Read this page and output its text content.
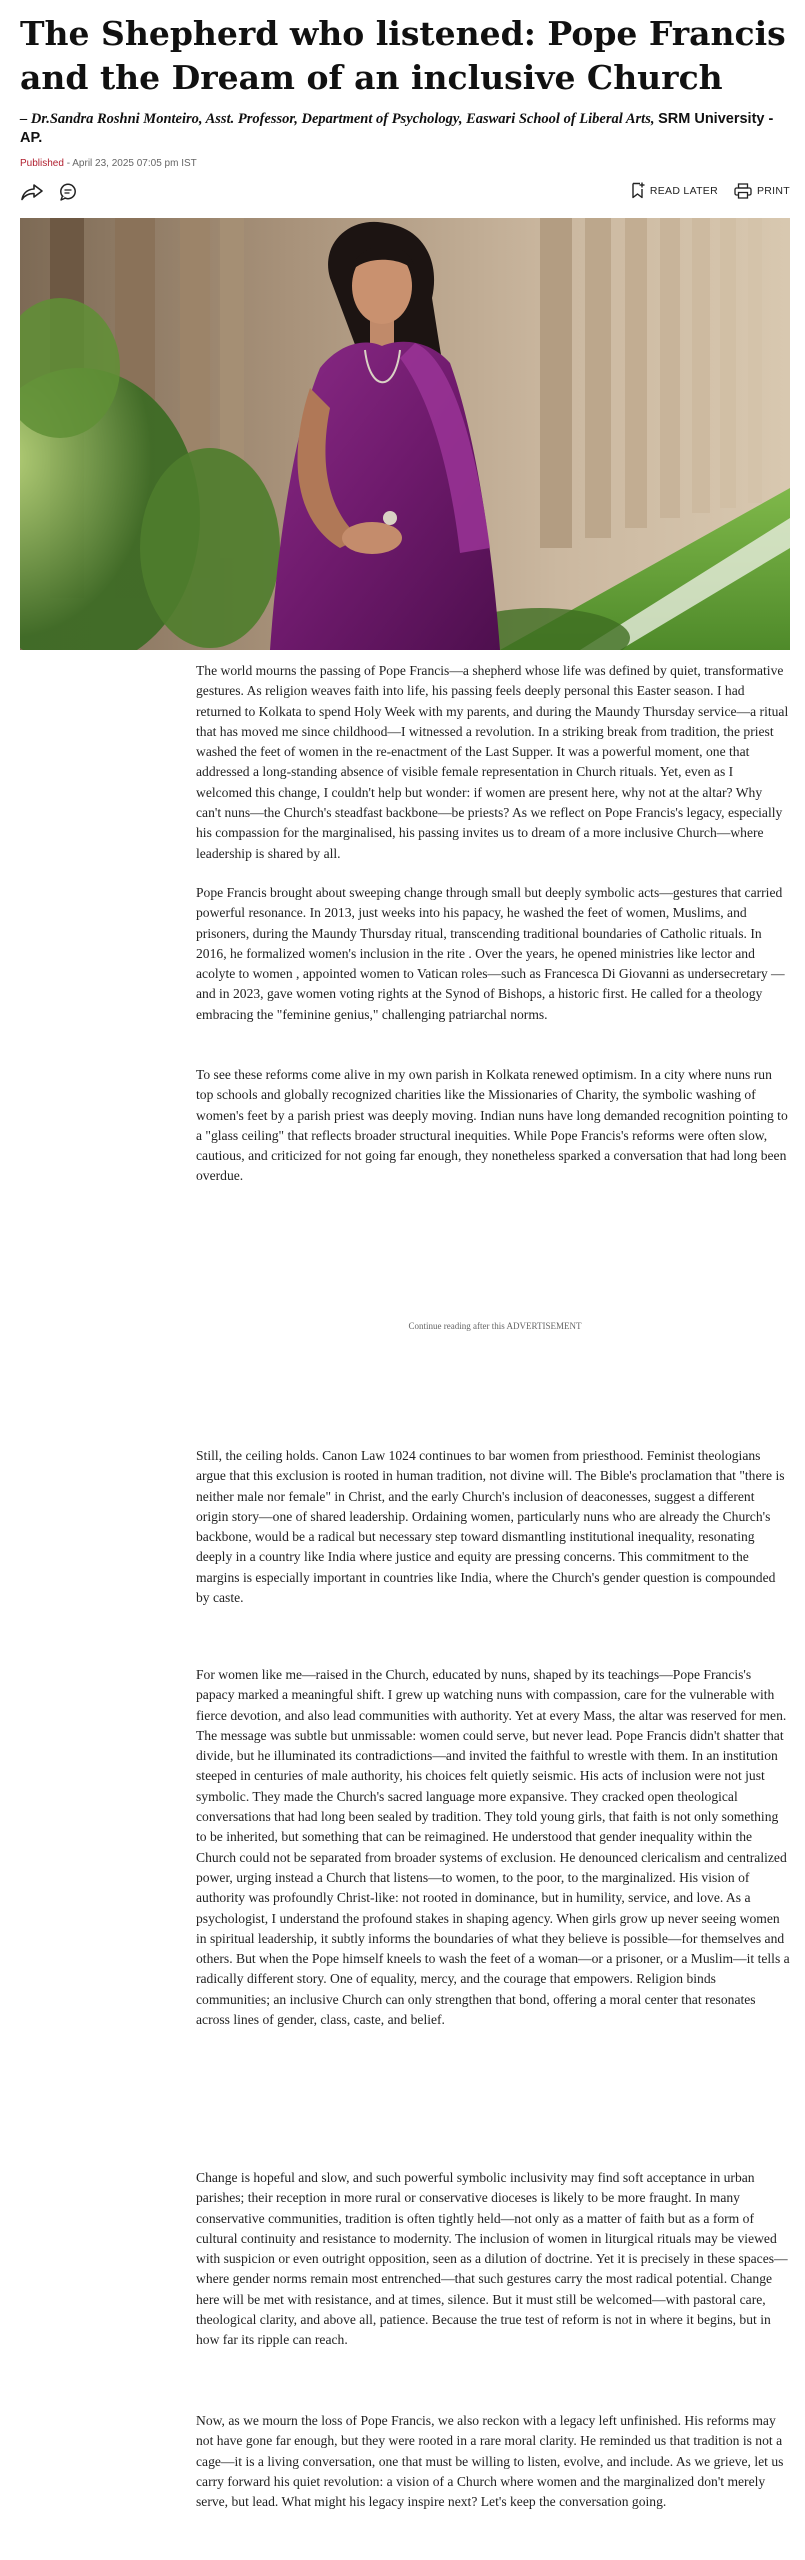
The Shepherd who listened: Pope Francis and the Dream of an inclusive Church
– Dr.Sandra Roshni Monteiro, Asst. Professor, Department of Psychology, Easwari School of Liberal Arts, SRM University -AP.
Published - April 23, 2025 07:05 pm IST
READ LATER	PRINT

The world mourns the passing of Pope Francis—a shepherd whose life was defined by quiet, transformative gestures. As religion weaves faith into life, his passing feels deeply personal this Easter season. I had returned to Kolkata to spend Holy Week with my parents, and during the Maundy Thursday service—a ritual that has moved me since childhood—I witnessed a revolution. In a striking break from tradition, the priest washed the feet of women in the re-enactment of the Last Supper. It was a powerful moment, one that addressed a long-standing absence of visible female representation in Church rituals. Yet, even as I welcomed this change, I couldn't help but wonder: if women are present here, why not at the altar? Why can't nuns—the Church's steadfast backbone—be priests? As we reflect on Pope Francis's legacy, especially his compassion for the marginalised, his passing invites us to dream of a more inclusive Church—where leadership is shared by all.

Pope Francis brought about sweeping change through small but deeply symbolic acts—gestures that carried powerful resonance. In 2013, just weeks into his papacy, he washed the feet of women, Muslims, and prisoners, during the Maundy Thursday ritual, transcending traditional boundaries of Catholic rituals. In 2016, he formalized women's inclusion in the rite . Over the years, he opened ministries like lector and acolyte to women , appointed women to Vatican roles—such as Francesca Di Giovanni as undersecretary — and in 2023, gave women voting rights at the Synod of Bishops, a historic first. He called for a theology embracing the "feminine genius," challenging patriarchal norms.

To see these reforms come alive in my own parish in Kolkata renewed optimism. In a city where nuns run top schools and globally recognized charities like the Missionaries of Charity, the symbolic washing of women's feet by a parish priest was deeply moving. Indian nuns have long demanded recognition pointing to a "glass ceiling" that reflects broader structural inequities. While Pope Francis's reforms were often slow, cautious, and criticized for not going far enough, they nonetheless sparked a conversation that had long been overdue.

Continue reading after this ADVERTISEMENT

Still, the ceiling holds. Canon Law 1024 continues to bar women from priesthood. Feminist theologians argue that this exclusion is rooted in human tradition, not divine will. The Bible's proclamation that "there is neither male nor female" in Christ, and the early Church's inclusion of deaconesses, suggest a different origin story—one of shared leadership. Ordaining women, particularly nuns who are already the Church's backbone, would be a radical but necessary step toward dismantling institutional inequality, resonating deeply in a country like India where justice and equity are pressing concerns. This commitment to the margins is especially important in countries like India, where the Church's gender question is compounded by caste.

For women like me—raised in the Church, educated by nuns, shaped by its teachings—Pope Francis's papacy marked a meaningful shift. I grew up watching nuns with compassion, care for the vulnerable with fierce devotion, and also lead communities with authority. Yet at every Mass, the altar was reserved for men. The message was subtle but unmissable: women could serve, but never lead. Pope Francis didn't shatter that divide, but he illuminated its contradictions—and invited the faithful to wrestle with them. In an institution steeped in centuries of male authority, his choices felt quietly seismic. His acts of inclusion were not just symbolic. They made the Church's sacred language more expansive. They cracked open theological conversations that had long been sealed by tradition. They told young girls, that faith is not only something to be inherited, but something that can be reimagined. He understood that gender inequality within the Church could not be separated from broader systems of exclusion. He denounced clericalism and centralized power, urging instead a Church that listens—to women, to the poor, to the marginalized. His vision of authority was profoundly Christ-like: not rooted in dominance, but in humility, service, and love. As a psychologist, I understand the profound stakes in shaping agency. When girls grow up never seeing women in spiritual leadership, it subtly informs the boundaries of what they believe is possible—for themselves and others. But when the Pope himself kneels to wash the feet of a woman—or a prisoner, or a Muslim—it tells a radically different story. One of equality, mercy, and the courage that empowers. Religion binds communities; an inclusive Church can only strengthen that bond, offering a moral center that resonates across lines of gender, class, caste, and belief.

Change is hopeful and slow, and such powerful symbolic inclusivity may find soft acceptance in urban parishes; their reception in more rural or conservative dioceses is likely to be more fraught. In many conservative communities, tradition is often tightly held—not only as a matter of faith but as a form of cultural continuity and resistance to modernity. The inclusion of women in liturgical rituals may be viewed with suspicion or even outright opposition, seen as a dilution of doctrine. Yet it is precisely in these spaces—where gender norms remain most entrenched—that such gestures carry the most radical potential. Change here will be met with resistance, and at times, silence. But it must still be welcomed—with pastoral care, theological clarity, and above all, patience. Because the true test of reform is not in where it begins, but in how far its ripple can reach.

Now, as we mourn the loss of Pope Francis, we also reckon with a legacy left unfinished. His reforms may not have gone far enough, but they were rooted in a rare moral clarity. He reminded us that tradition is not a cage—it is a living conversation, one that must be willing to listen, evolve, and include. As we grieve, let us carry forward his quiet revolution: a vision of a Church where women and the marginalized don't merely serve, but lead. What might his legacy inspire next? Let's keep the conversation going.
